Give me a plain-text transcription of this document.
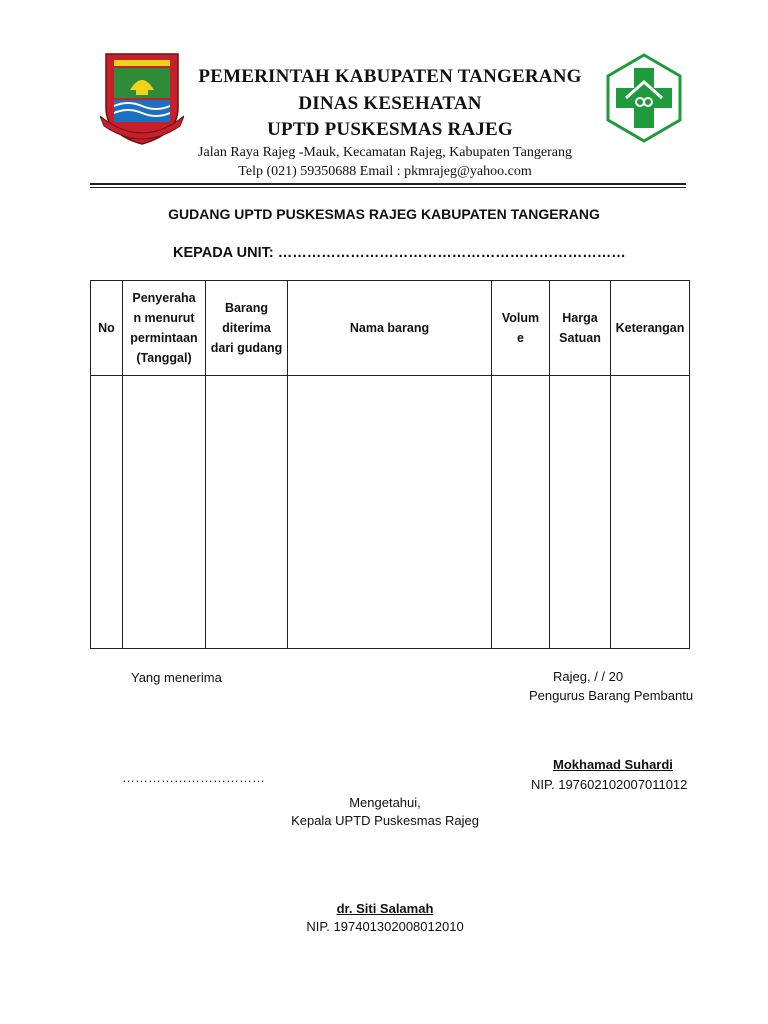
PEMERINTAH KABUPATEN TANGERANG
DINAS KESEHATAN
UPTD PUSKESMAS RAJEG
Jalan Raya Rajeg -Mauk, Kecamatan Rajeg, Kabupaten Tangerang
Telp (021) 59350688 Email : pkmrajeg@yahoo.com
GUDANG UPTD PUSKESMAS RAJEG KABUPATEN TANGERANG
KEPADA UNIT: ………………………………………………………………
No
Penyeraha
n menurut
permintaan
(Tanggal)
Barang
diterima
dari gudang
Nama barang
Volum
e
Harga
Satuan
Keterangan
Yang menerima
……………………………
Rajeg, / / 20
Pengurus Barang Pembantu
Mokhamad Suhardi
NIP. 197602102007011012
Mengetahui,
Kepala UPTD Puskesmas Rajeg
dr. Siti Salamah
NIP. 197401302008012010
